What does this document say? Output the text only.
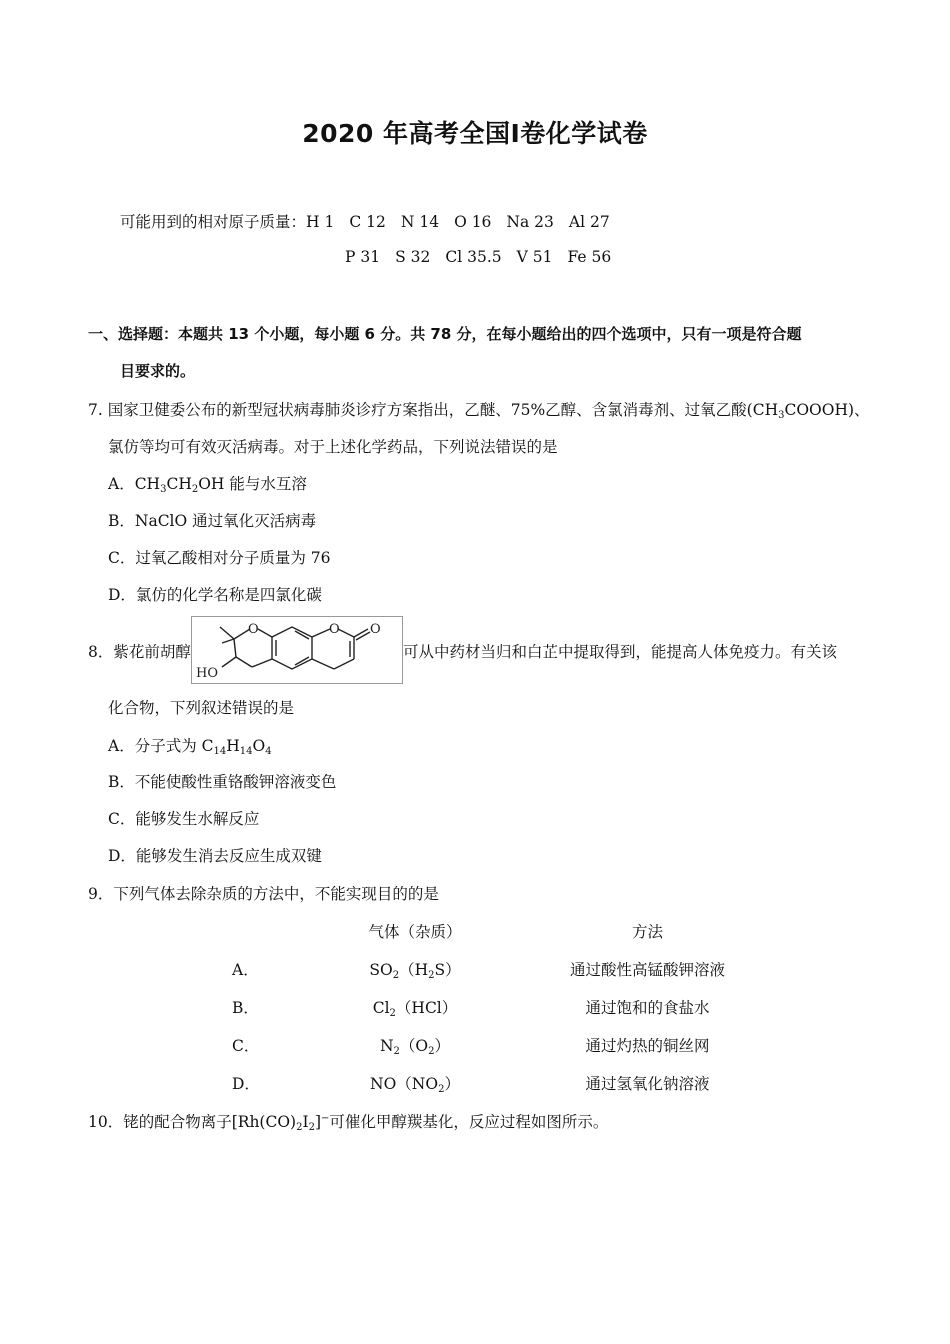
2020 年高考全国Ⅰ卷化学试卷
可能用到的相对原子质量：H 1 C 12 N 14 O 16 Na 23 Al 27
P 31 S 32 Cl 35.5 V 51 Fe 56
一、选择题：本题共 13 个小题，每小题 6 分。共 78 分，在每小题给出的四个选项中，只有一项是符合题
目要求的。
7. 国家卫健委公布的新型冠状病毒肺炎诊疗方案指出，乙醚、75%乙醇、含氯消毒剂、过氧乙酸$(CH_3COOOH)$、
氯仿等均可有效灭活病毒。对于上述化学药品，下列说法错误的是
A．$CH_3CH_2OH$ 能与水互溶
B．NaClO 通过氧化灭活病毒
C．过氧乙酸相对分子质量为 76
D．氯仿的化学名称是四氯化碳
8．紫花前胡醇
O	O O
HO
可从中药材当归和白芷中提取得到，能提高人体免疫力。有关该
化合物，下列叙述错误的是
A．分子式为 $C_{14}H_{14}O_4$
B．不能使酸性重铬酸钾溶液变色
C．能够发生水解反应
D．能够发生消去反应生成双键
9．下列气体去除杂质的方法中，不能实现目的的是
气体（杂质）	方法
A．	$SO_2(H_2S)$	通过酸性高锰酸钾溶液
B．	$Cl_2(HCl)$	通过饱和的食盐水
C．	$N_2(O_2)$	通过灼热的铜丝网
D．	$NO(NO_2)$	通过氢氧化钠溶液
10．铑的配合物离子$[Rh(CO)_2I_2]^-$可催化甲醇羰基化，反应过程如图所示。
